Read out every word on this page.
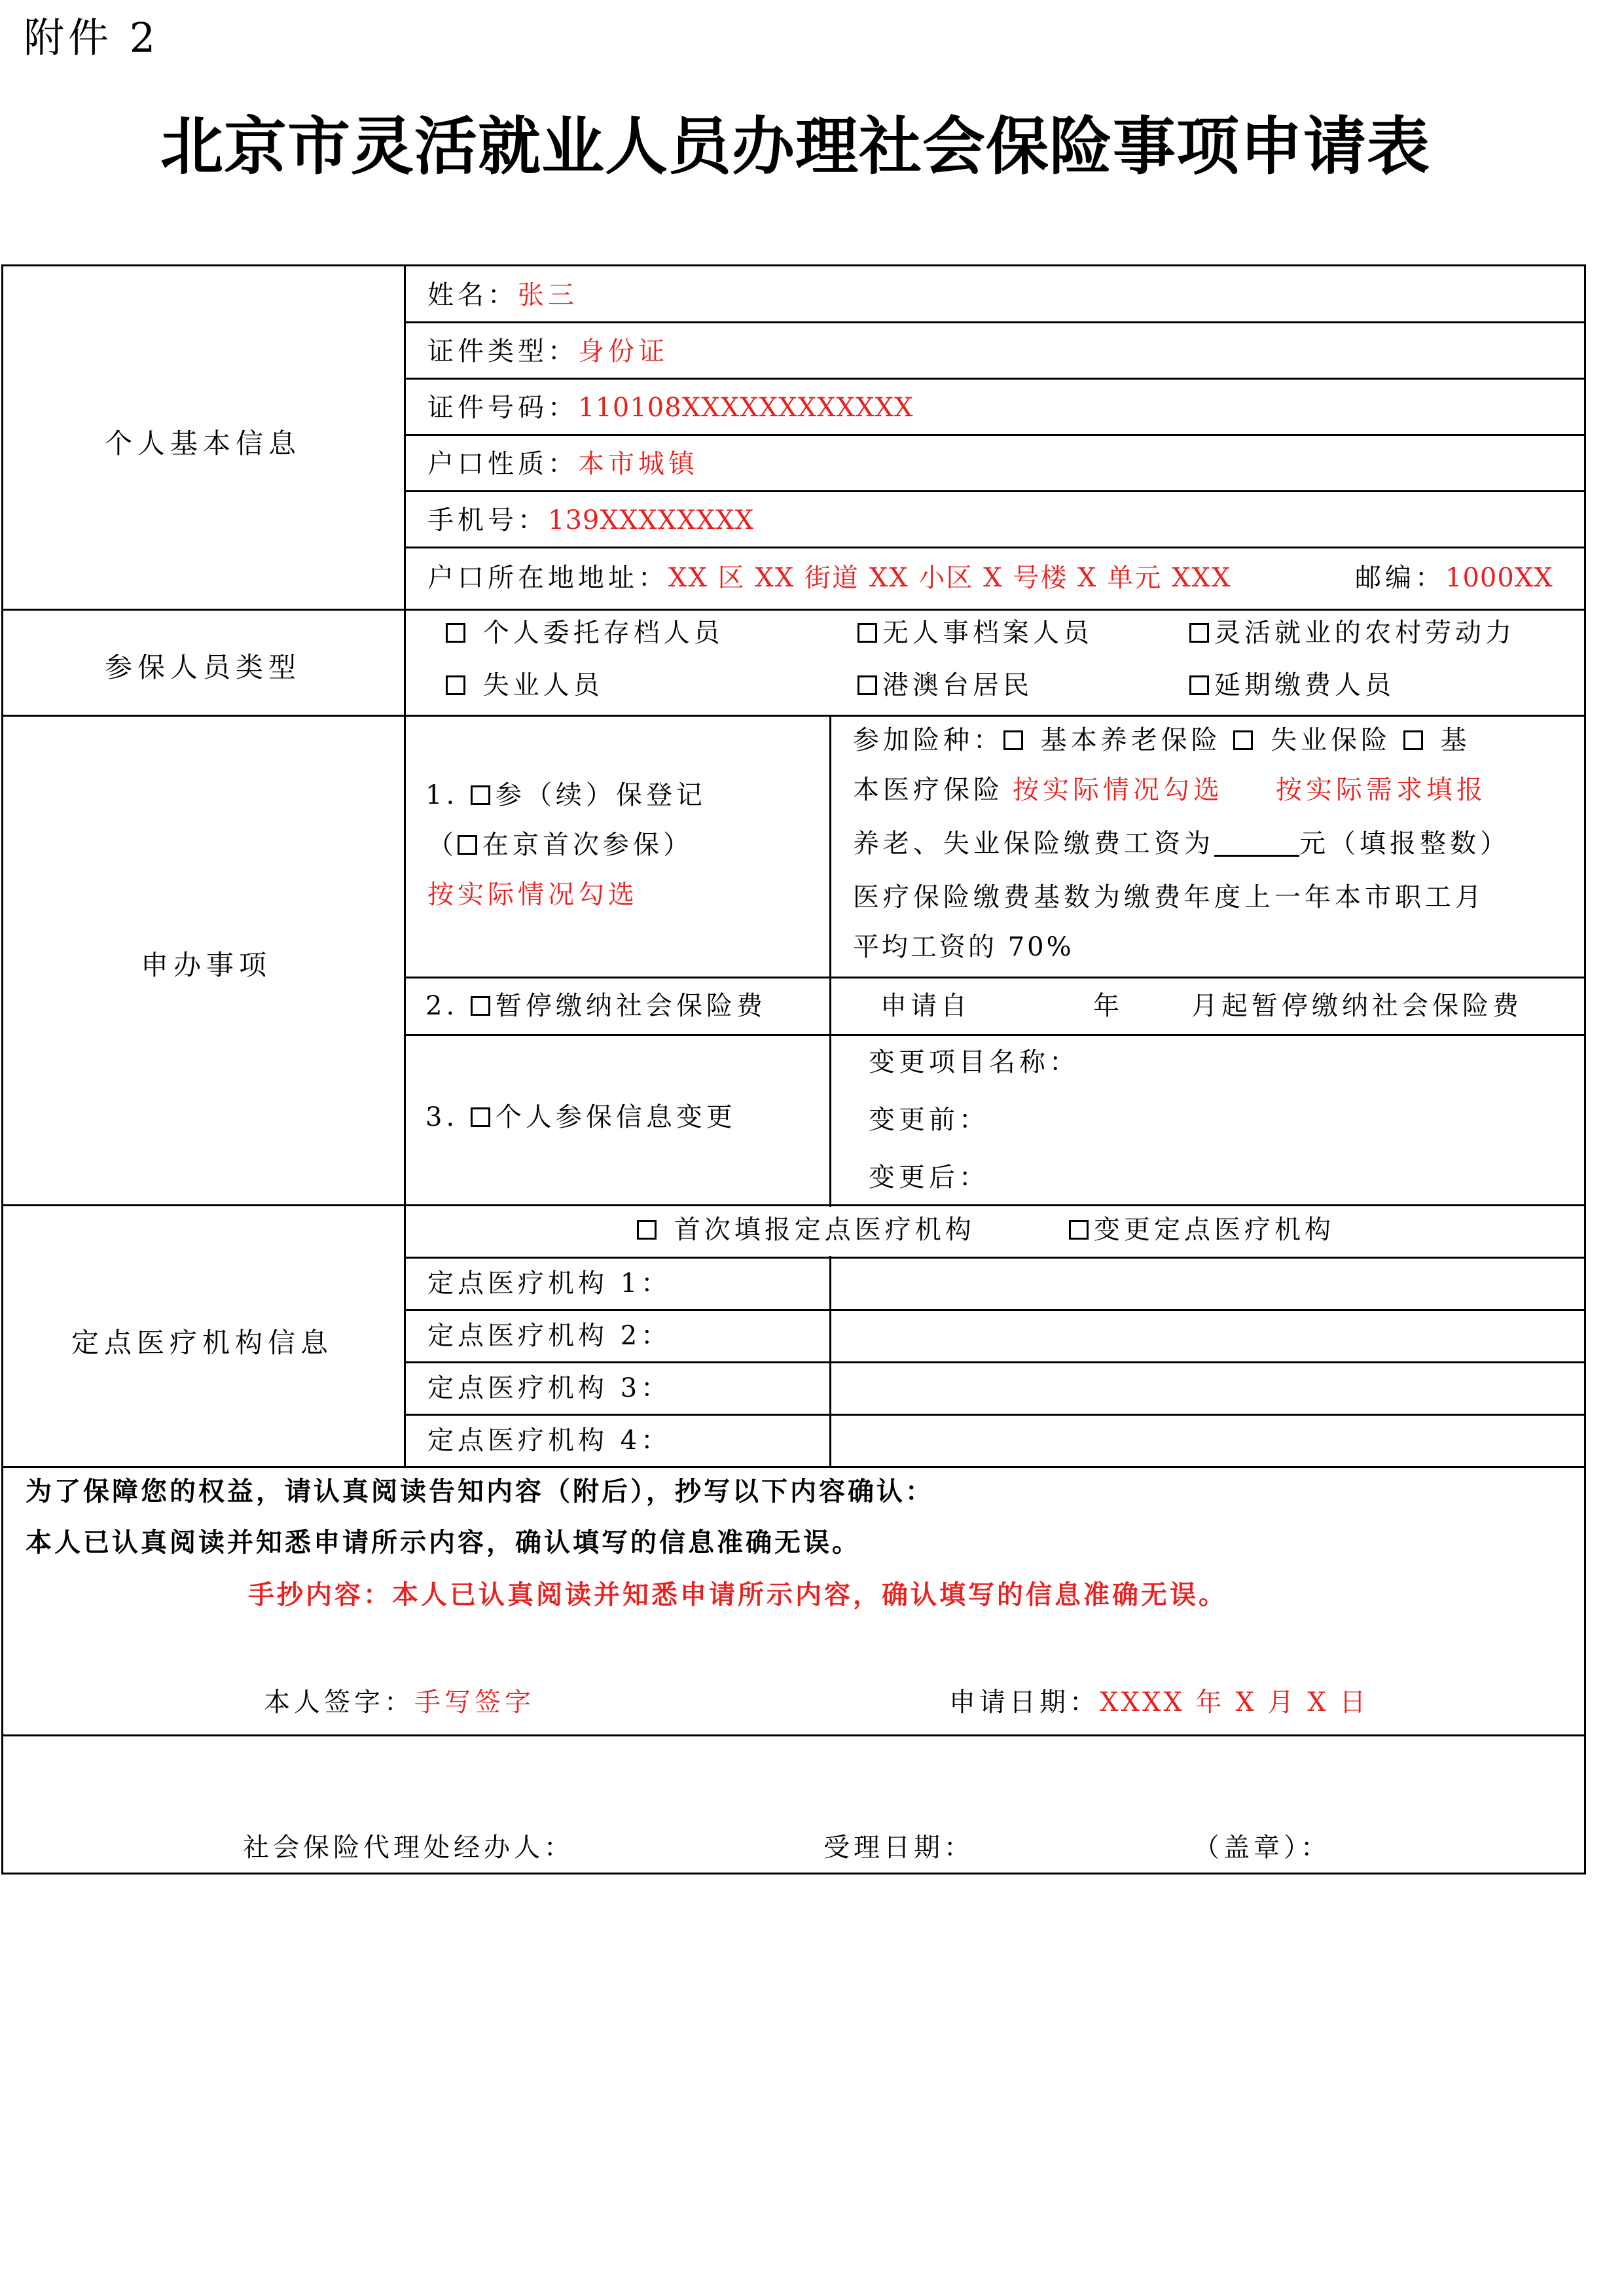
附件 2
北京市灵活就业人员办理社会保险事项申请表
个人基本信息
姓名：张三
证件类型：身份证
证件号码：110108XXXXXXXXXXXX
户口性质：本市城镇
手机号：139XXXXXXXX
户口所在地地址：XX 区 XX 街道 XX 小区 X 号楼 X 单元 XXX	邮编：1000XX
参保人员类型
个人委托存档人员	无人事档案人员	灵活就业的农村劳动力
失业人员	港澳台居民	延期缴费人员
申办事项
1. 参（续）保登记
（ 在京首次参保）
按实际情况勾选
参加险种： 基本养老保险 失业保险 基
本医疗保险 按实际情况勾选 按实际需求填报
养老、失业保险缴费工资为	元（填报整数）
医疗保险缴费基数为缴费年度上一年本市职工月
平均工资的 70%
2. 暂停缴纳社会保险费	申请自	年	月起暂停缴纳社会保险费
3. 个人参保信息变更
变更项目名称：
变更前：
变更后：
定点医疗机构信息
首次填报定点医疗机构	变更定点医疗机构
定点医疗机构 1：
定点医疗机构 2：
定点医疗机构 3：
定点医疗机构 4：
为了保障您的权益，请认真阅读告知内容（附后），抄写以下内容确认：
本人已认真阅读并知悉申请所示内容，确认填写的信息准确无误。
手抄内容：本人已认真阅读并知悉申请所示内容，确认填写的信息准确无误。
本人签字：手写签字	申请日期：XXXX 年 X 月 X 日
社会保险代理处经办人：	受理日期：	（盖章）：
